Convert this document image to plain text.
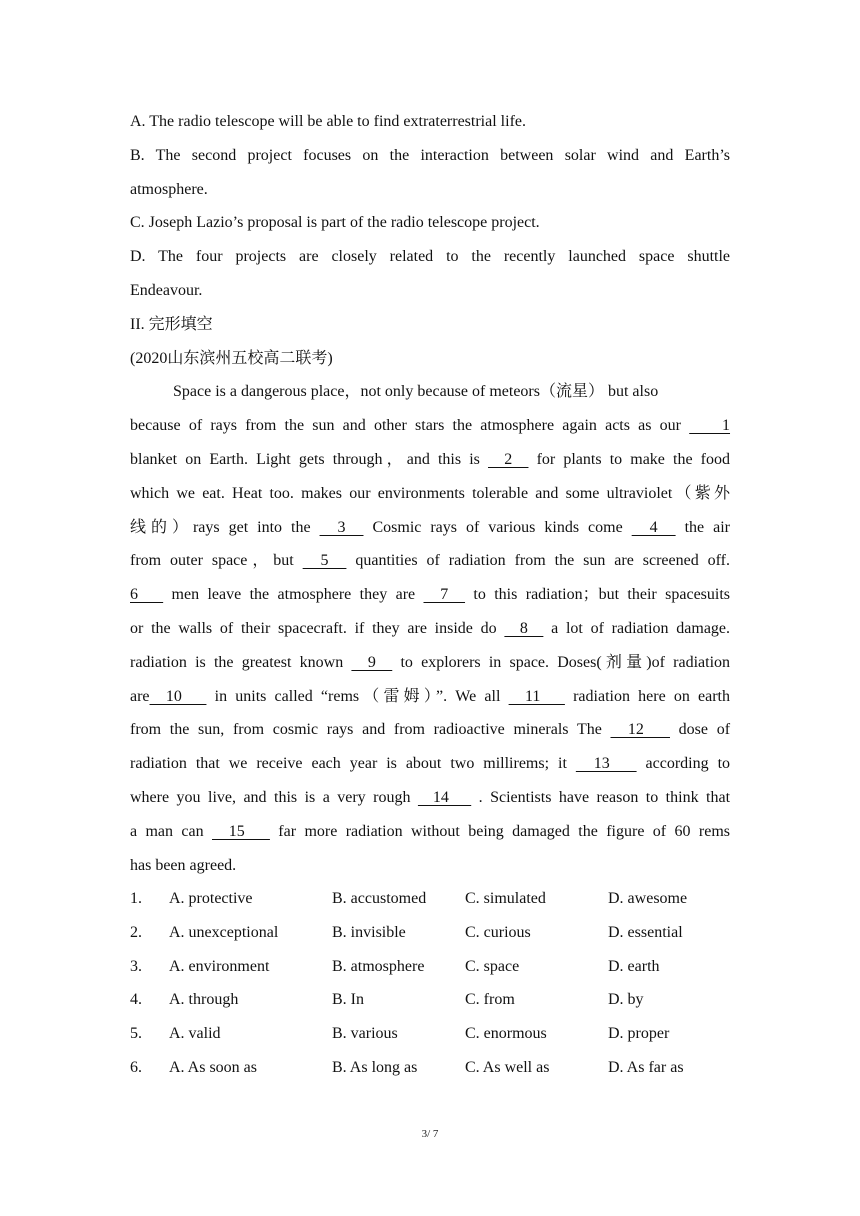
A. The radio telescope will be able to find extraterrestrial life.
B. The second project focuses on the interaction between solar wind and Earth’s
atmosphere.
C. Joseph Lazio’s proposal is part of the radio telescope project.
D. The four projects are closely related to the recently launched space shuttle
Endeavour.
II. 完形填空
(2020山东滨州五校高二联考)
Space is a dangerous place，not only because of meteors（流星） but also
because of rays from the sun and other stars the atmosphere again acts as our     1
blanket on Earth. Light gets through，and this is   2   for plants to make the food
which we eat. Heat too. makes our environments tolerable and some ultraviolet（紫外
线的）rays get into the   3   Cosmic rays of various kinds come   4   the air
from outer space，but   5   quantities of radiation from the sun are screened off.
6    men leave the atmosphere they are   7   to this radiation；but their spacesuits
or the walls of their spacecraft. if they are inside do   8   a lot of radiation damage.
radiation is the greatest known   9   to explorers in space. Doses(剂量)of radiation
are  10    in units called “rems（雷姆）”. We all   11    radiation here on earth
from the sun, from cosmic rays and from radioactive minerals The   12    dose of
radiation that we receive each year is about two millirems; it   13    according to
where you live, and this is a very rough   14    . Scientists have reason to think that
a man can   15    far more radiation without being damaged the figure of 60 rems
has been agreed.
1. A. protective	B. accustomed C. simulated	D. awesome
2. A. unexceptional	B. invisible	C. curious	D. essential
3. A. environment	B. atmosphere	C. space	D. earth
4. A. through	B. In	C. from	D. by
5. A. valid	B. various	C. enormous	D. proper
6. A. As soon as	B. As long as	C. As well as	D. As far as
3/ 7
